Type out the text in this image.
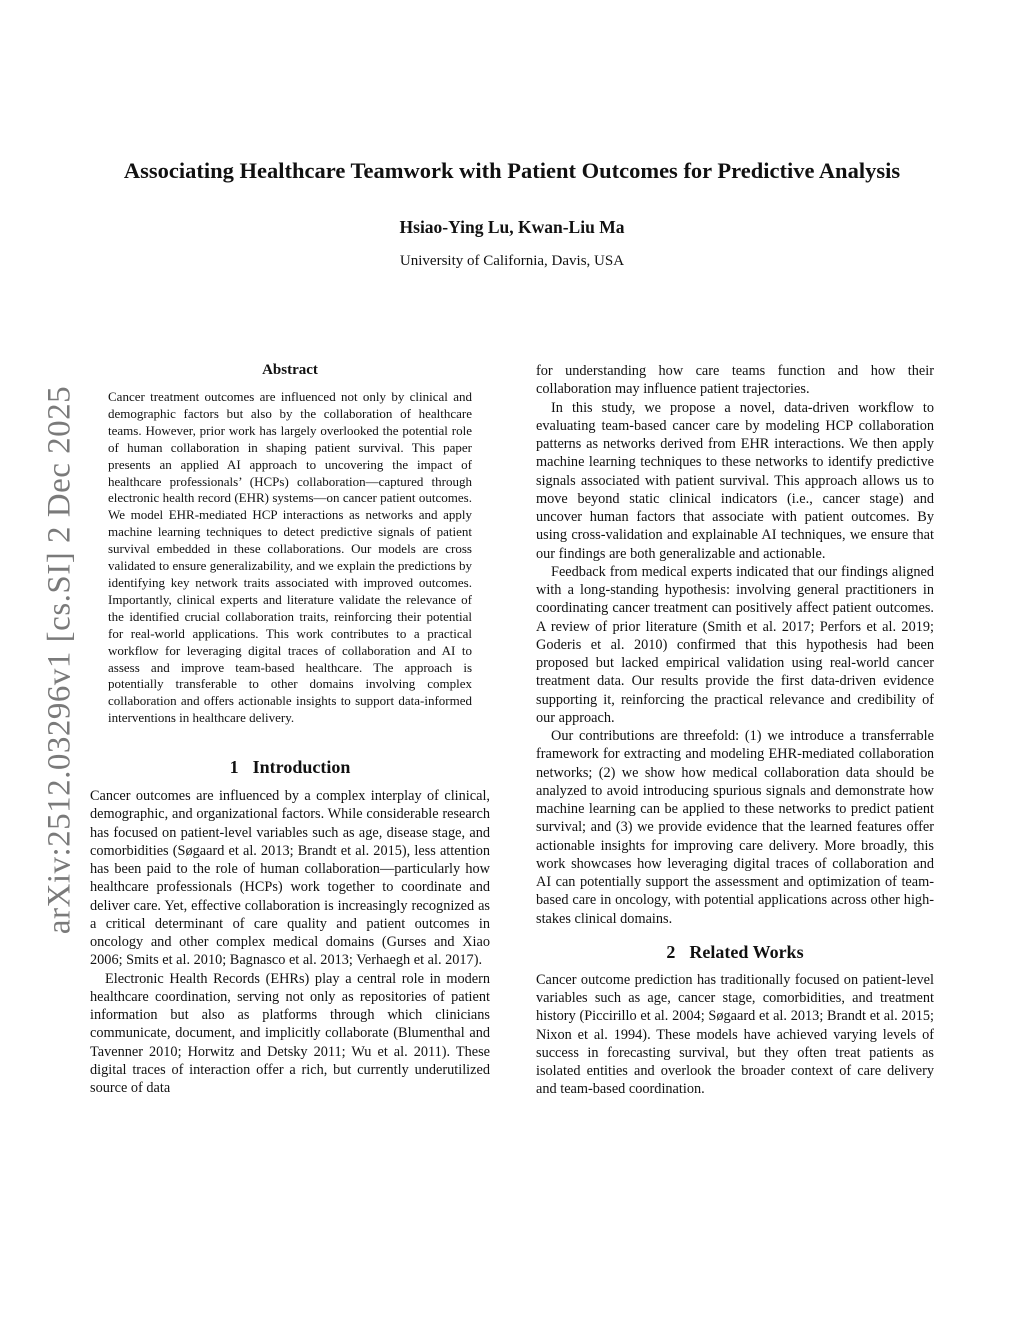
arXiv:2512.03296v1 [cs.SI] 2 Dec 2025
Associating Healthcare Teamwork with Patient Outcomes for Predictive Analysis
Hsiao-Ying Lu, Kwan-Liu Ma
University of California, Davis, USA
Abstract

Cancer treatment outcomes are influenced not only by clinical and demographic factors but also by the collaboration of healthcare teams. However, prior work has largely overlooked the potential role of human collaboration in shaping patient survival. This paper presents an applied AI approach to uncovering the impact of healthcare professionals’ (HCPs) collaboration—captured through electronic health record (EHR) systems—on cancer patient outcomes. We model EHR-mediated HCP interactions as networks and apply machine learning techniques to detect predictive signals of patient survival embedded in these collaborations. Our models are cross validated to ensure generalizability, and we explain the predictions by identifying key network traits associated with improved outcomes. Importantly, clinical experts and literature validate the relevance of the identified crucial collaboration traits, reinforcing their potential for real-world applications. This work contributes to a practical workflow for leveraging digital traces of collaboration and AI to assess and improve team-based healthcare. The approach is potentially transferable to other domains involving complex collaboration and offers actionable insights to support data-informed interventions in healthcare delivery.

1 Introduction

Cancer outcomes are influenced by a complex interplay of clinical, demographic, and organizational factors. While considerable research has focused on patient-level variables such as age, disease stage, and comorbidities (Søgaard et al. 2013; Brandt et al. 2015), less attention has been paid to the role of human collaboration—particularly how healthcare professionals (HCPs) work together to coordinate and deliver care. Yet, effective collaboration is increasingly recognized as a critical determinant of care quality and patient outcomes in oncology and other complex medical domains (Gurses and Xiao 2006; Smits et al. 2010; Bagnasco et al. 2013; Verhaegh et al. 2017).

Electronic Health Records (EHRs) play a central role in modern healthcare coordination, serving not only as repositories of patient information but also as platforms through which clinicians communicate, document, and implicitly collaborate (Blumenthal and Tavenner 2010; Horwitz and Detsky 2011; Wu et al. 2011). These digital traces of interaction offer a rich, but currently underutilized source of data

for understanding how care teams function and how their collaboration may influence patient trajectories.

In this study, we propose a novel, data-driven workflow to evaluating team-based cancer care by modeling HCP collaboration patterns as networks derived from EHR interactions. We then apply machine learning techniques to these networks to identify predictive signals associated with patient survival. This approach allows us to move beyond static clinical indicators (i.e., cancer stage) and uncover human factors that associate with patient outcomes. By using cross-validation and explainable AI techniques, we ensure that our findings are both generalizable and actionable.

Feedback from medical experts indicated that our findings aligned with a long-standing hypothesis: involving general practitioners in coordinating cancer treatment can positively affect patient outcomes. A review of prior literature (Smith et al. 2017; Perfors et al. 2019; Goderis et al. 2010) confirmed that this hypothesis had been proposed but lacked empirical validation using real-world cancer treatment data. Our results provide the first data-driven evidence supporting it, reinforcing the practical relevance and credibility of our approach.

Our contributions are threefold: (1) we introduce a transferrable framework for extracting and modeling EHR-mediated collaboration networks; (2) we show how medical collaboration data should be analyzed to avoid introducing spurious signals and demonstrate how machine learning can be applied to these networks to predict patient survival; and (3) we provide evidence that the learned features offer actionable insights for improving care delivery. More broadly, this work showcases how leveraging digital traces of collaboration and AI can potentially support the assessment and optimization of team-based care in oncology, with potential applications across other high-stakes clinical domains.

2 Related Works

Cancer outcome prediction has traditionally focused on patient-level variables such as age, cancer stage, comorbidities, and treatment history (Piccirillo et al. 2004; Søgaard et al. 2013; Brandt et al. 2015; Nixon et al. 1994). These models have achieved varying levels of success in forecasting survival, but they often treat patients as isolated entities and overlook the broader context of care delivery and team-based coordination.
